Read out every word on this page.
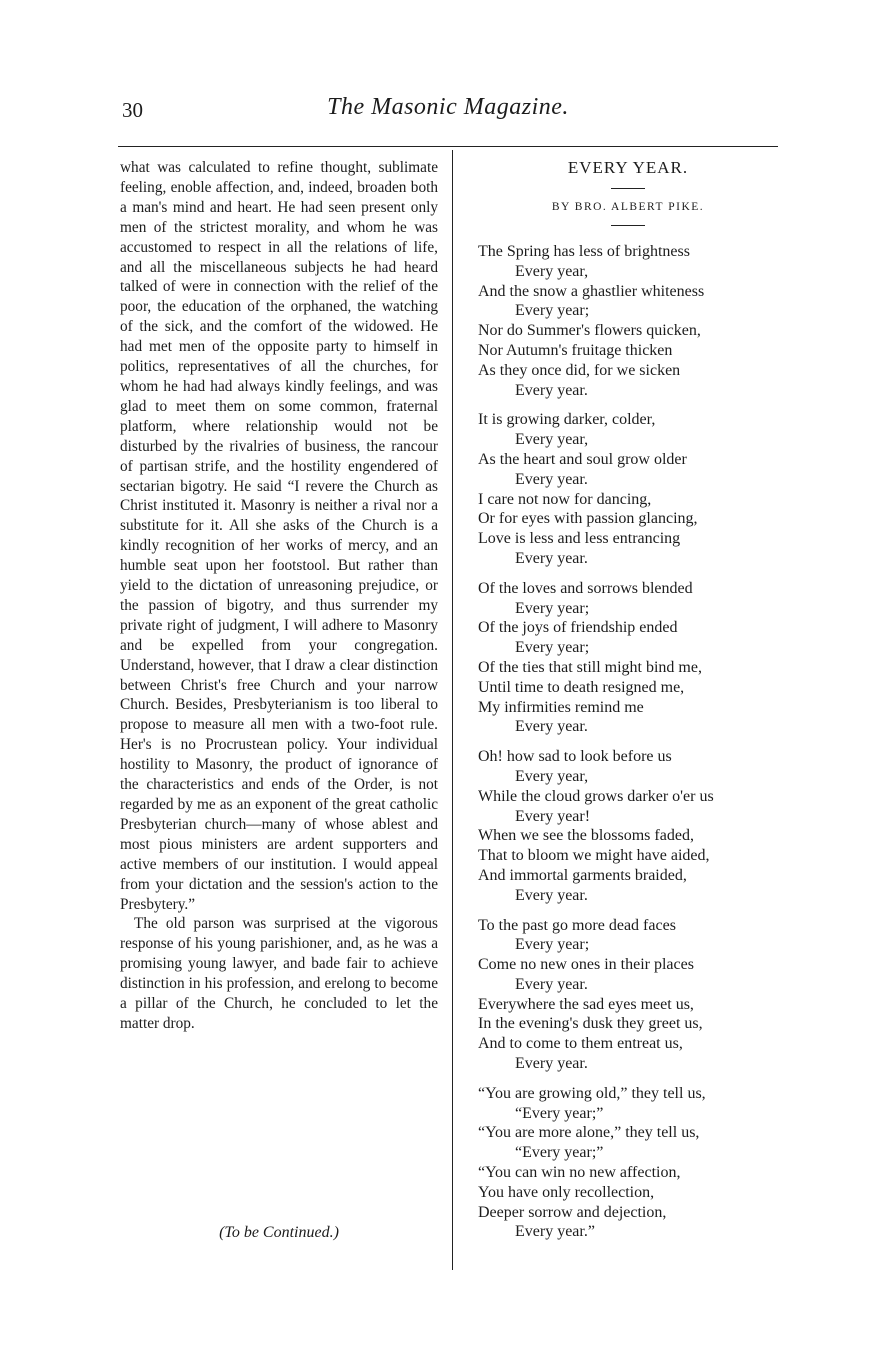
30	The Masonic Magazine.

what was calculated to refine thought, sublimate feeling, enoble affection, and, indeed, broaden both a man's mind and heart. He had seen present only men of the strictest morality, and whom he was accustomed to respect in all the relations of life, and all the miscellaneous subjects he had heard talked of were in connection with the relief of the poor, the education of the orphaned, the watching of the sick, and the comfort of the widowed. He had met men of the opposite party to himself in politics, representatives of all the churches, for whom he had had always kindly feelings, and was glad to meet them on some common, fraternal platform, where relationship would not be disturbed by the rivalries of business, the rancour of partisan strife, and the hostility engendered of sectarian bigotry. He said “I revere the Church as Christ instituted it. Masonry is neither a rival nor a substitute for it. All she asks of the Church is a kindly recognition of her works of mercy, and an humble seat upon her footstool. But rather than yield to the dictation of unreasoning prejudice, or the passion of bigotry, and thus surrender my private right of judgment, I will adhere to Masonry and be expelled from your congregation. Understand, however, that I draw a clear distinction between Christ's free Church and your narrow Church. Besides, Presbyterianism is too liberal to propose to measure all men with a two-foot rule. Her's is no Procrustean policy. Your individual hostility to Masonry, the product of ignorance of the characteristics and ends of the Order, is not regarded by me as an exponent of the great catholic Presbyterian church—many of whose ablest and most pious ministers are ardent supporters and active members of our institution. I would appeal from your dictation and the session's action to the Presbytery.”

The old parson was surprised at the vigorous response of his young parishioner, and, as he was a promising young lawyer, and bade fair to achieve distinction in his profession, and erelong to become a pillar of the Church, he concluded to let the matter drop.

(To be Continued.)
EVERY YEAR.
BY BRO. ALBERT PIKE.
The Spring has less of brightness
Every year,
And the snow a ghastlier whiteness
Every year;
Nor do Summer's flowers quicken,
Nor Autumn's fruitage thicken
As they once did, for we sicken
Every year.
It is growing darker, colder,
Every year,
As the heart and soul grow older
Every year.
I care not now for dancing,
Or for eyes with passion glancing,
Love is less and less entrancing
Every year.
Of the loves and sorrows blended
Every year;
Of the joys of friendship ended
Every year;
Of the ties that still might bind me,
Until time to death resigned me,
My infirmities remind me
Every year.
Oh! how sad to look before us
Every year,
While the cloud grows darker o'er us
Every year!
When we see the blossoms faded,
That to bloom we might have aided,
And immortal garments braided,
Every year.
To the past go more dead faces
Every year;
Come no new ones in their places
Every year.
Everywhere the sad eyes meet us,
In the evening's dusk they greet us,
And to come to them entreat us,
Every year.
“You are growing old,” they tell us,
“Every year;”
“You are more alone,” they tell us,
“Every year;”
“You can win no new affection,
You have only recollection,
Deeper sorrow and dejection,
Every year.”
